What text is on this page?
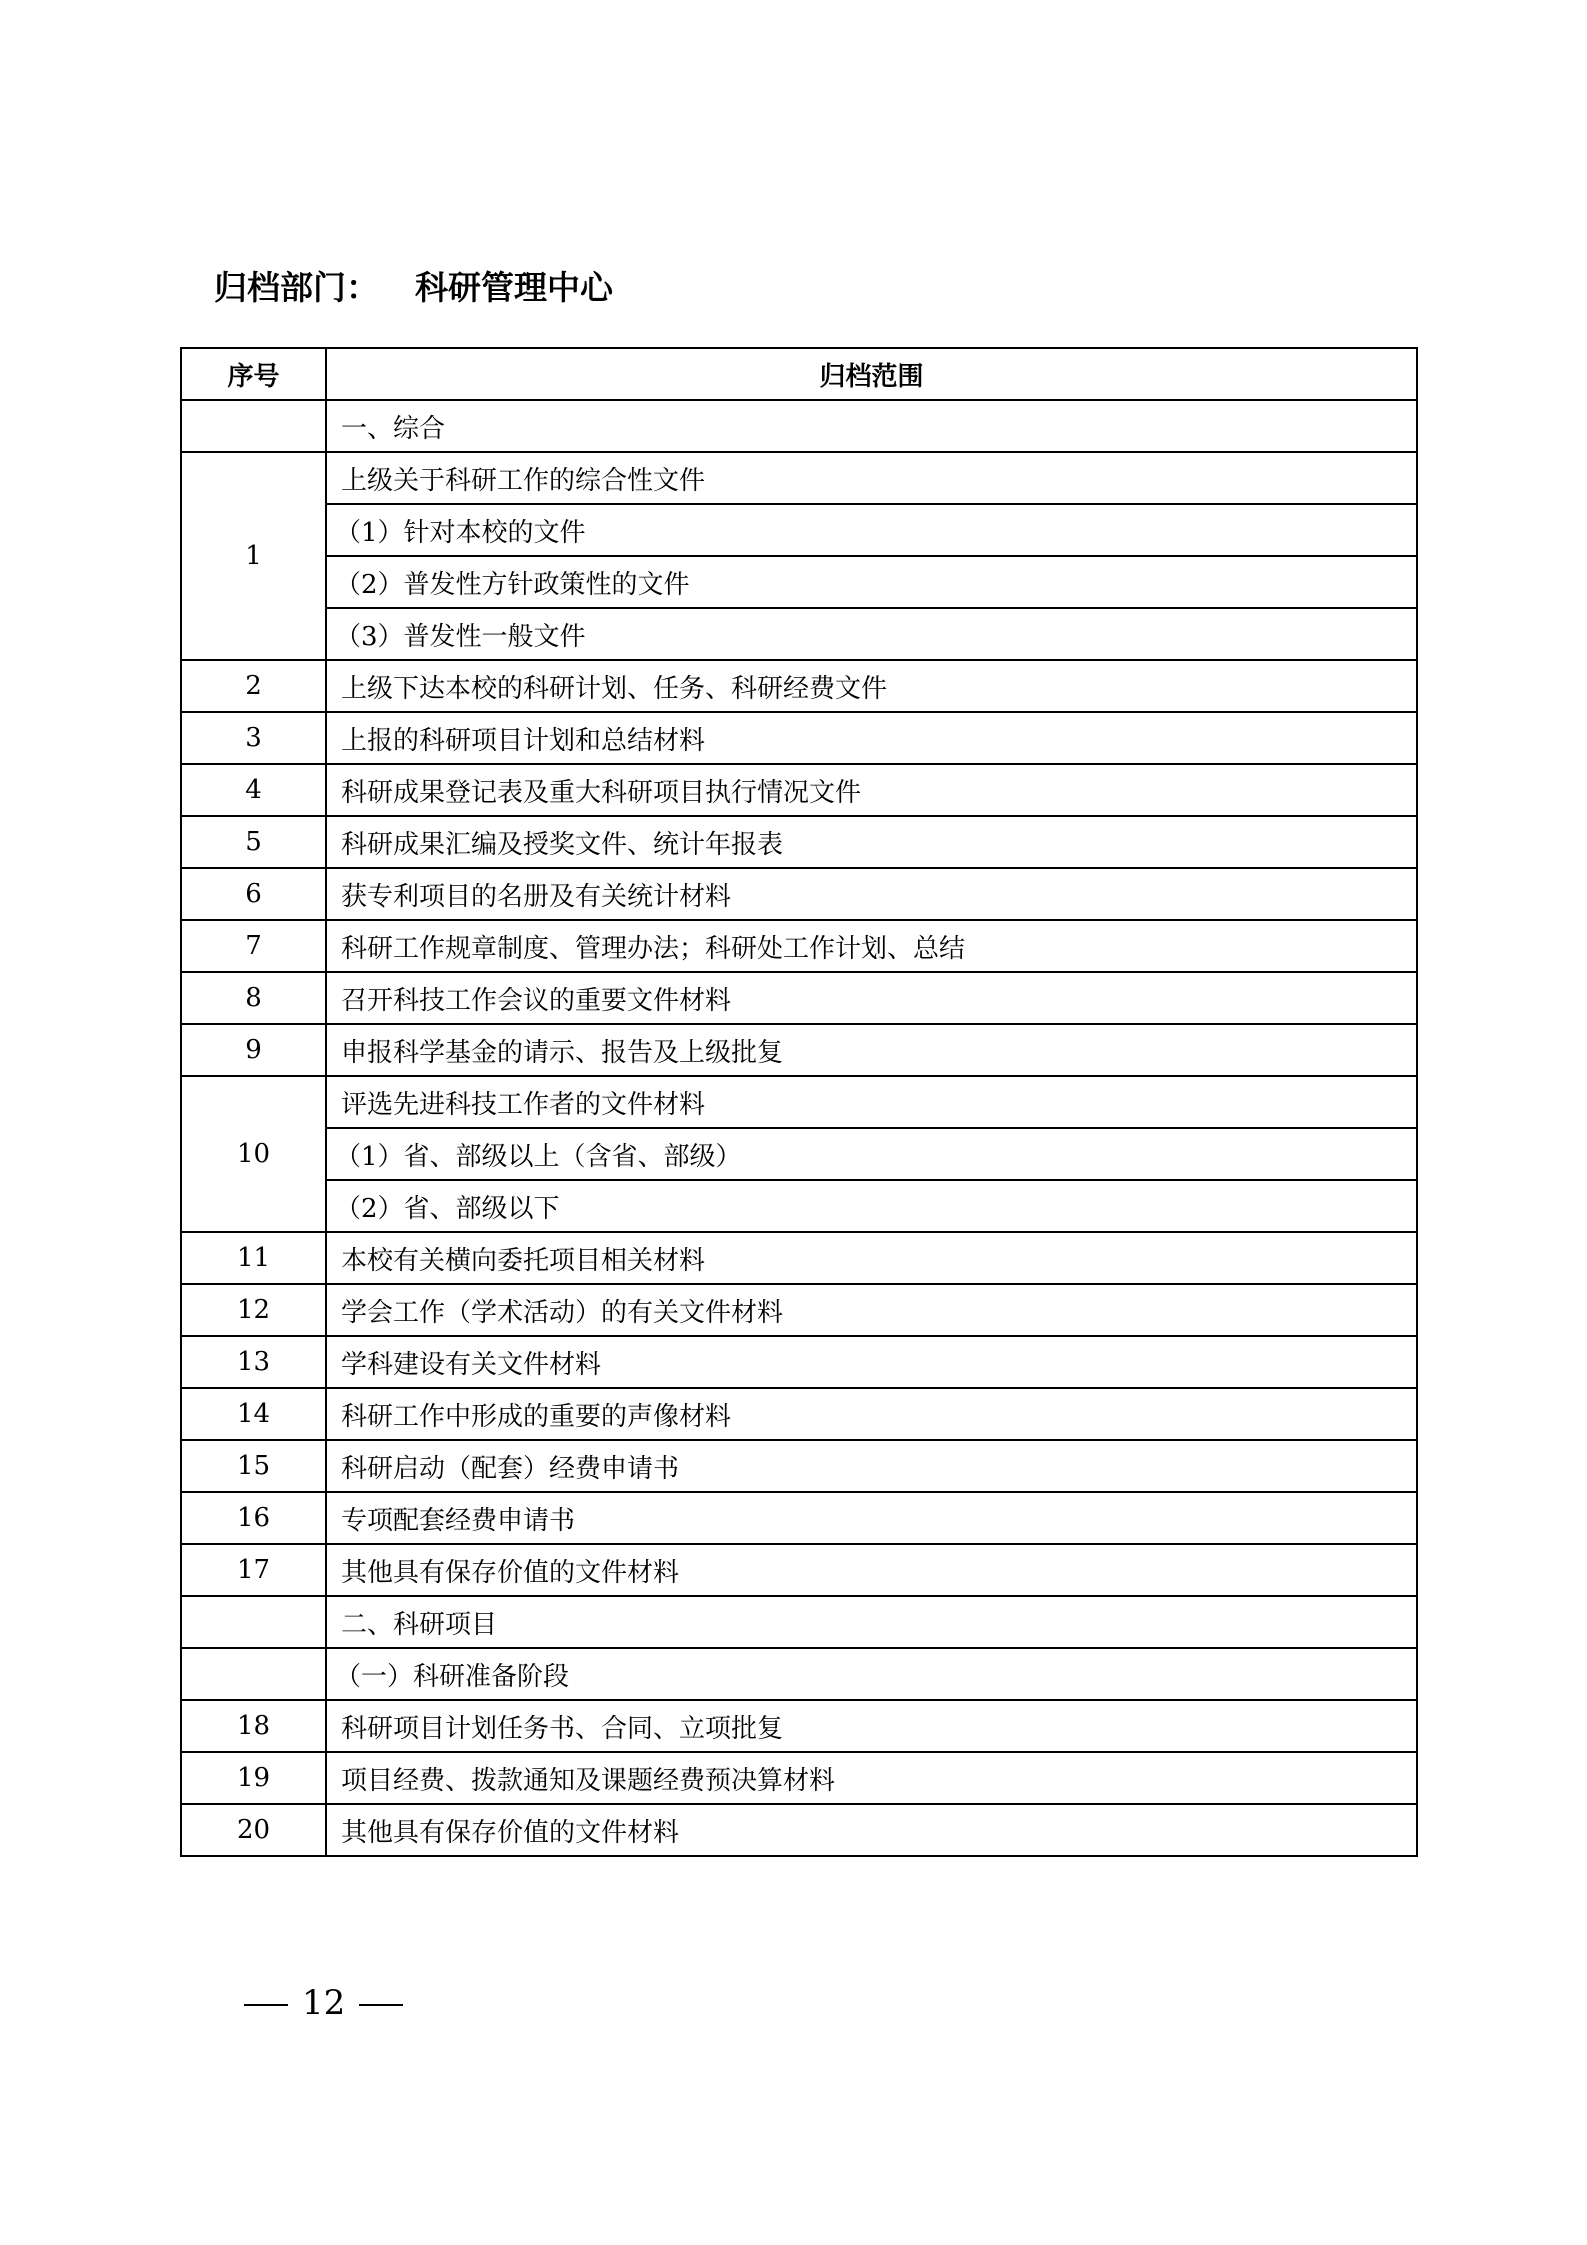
归档部门： 科研管理中心
序号	归档范围
	一、综合
1	上级关于科研工作的综合性文件
	（1）针对本校的文件
	（2）普发性方针政策性的文件
	（3）普发性一般文件
2	上级下达本校的科研计划、任务、科研经费文件
3	上报的科研项目计划和总结材料
4	科研成果登记表及重大科研项目执行情况文件
5	科研成果汇编及授奖文件、统计年报表
6	获专利项目的名册及有关统计材料
7	科研工作规章制度、管理办法；科研处工作计划、总结
8	召开科技工作会议的重要文件材料
9	申报科学基金的请示、报告及上级批复
10	评选先进科技工作者的文件材料
	（1）省、部级以上（含省、部级）
	（2）省、部级以下
11	本校有关横向委托项目相关材料
12	学会工作（学术活动）的有关文件材料
13	学科建设有关文件材料
14	科研工作中形成的重要的声像材料
15	科研启动（配套）经费申请书
16	专项配套经费申请书
17	其他具有保存价值的文件材料
	二、科研项目
	（一）科研准备阶段
18	科研项目计划任务书、合同、立项批复
19	项目经费、拨款通知及课题经费预决算材料
20	其他具有保存价值的文件材料
12
